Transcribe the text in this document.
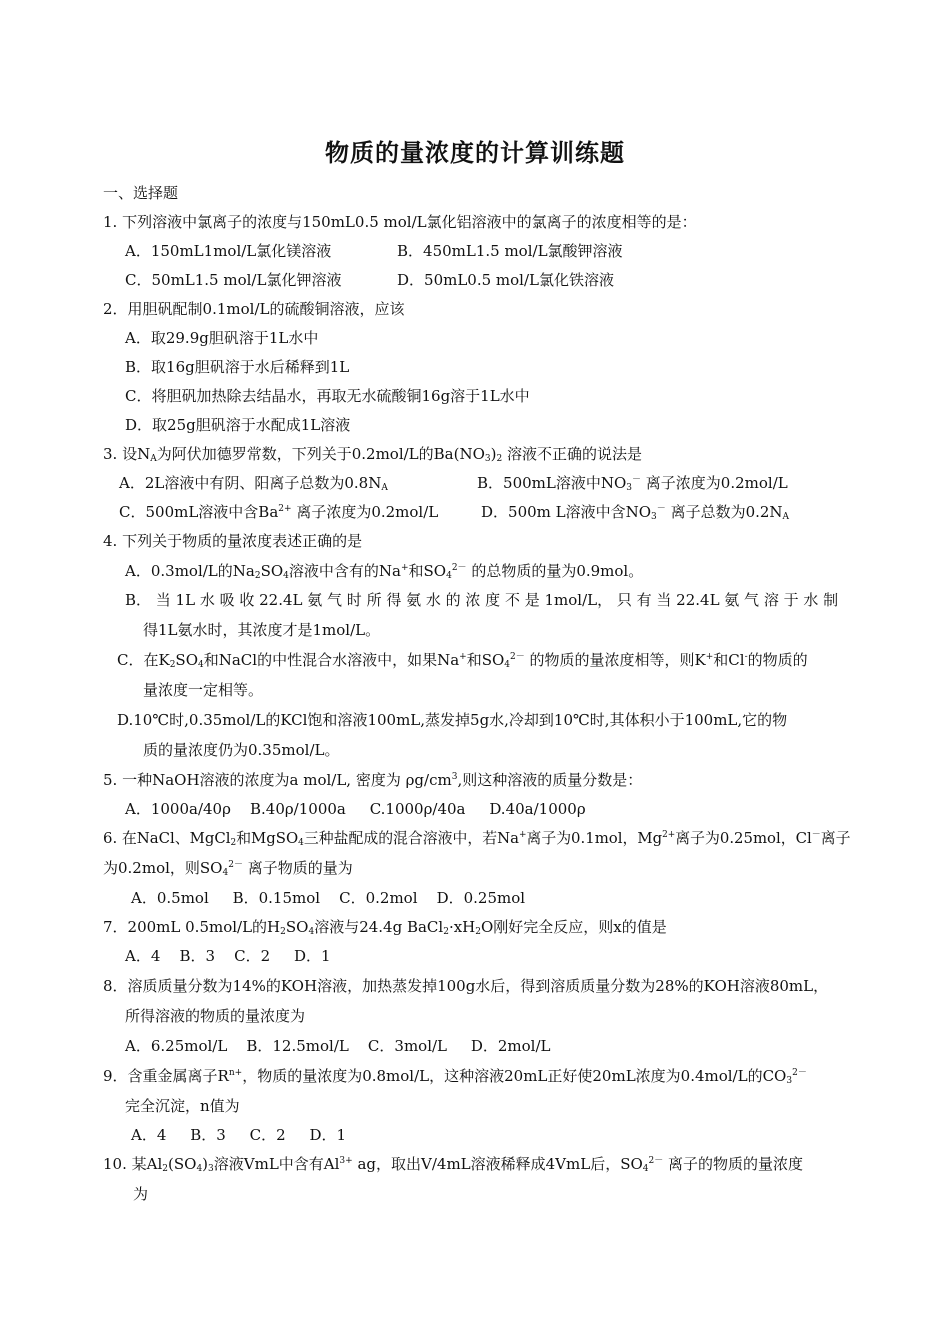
物质的量浓度的计算训练题
一、选择题
1. 下列溶液中氯离子的浓度与150mL0.5 mol/L氯化铝溶液中的氯离子的浓度相等的是：
A．150mL1mol/L氯化镁溶液	B．450mL1.5 mol/L氯酸钾溶液
C．50mL1.5 mol/L氯化钾溶液	D．50mL0.5 mol/L氯化铁溶液
2．用胆矾配制0.1mol/L的硫酸铜溶液，应该
A．取29.9g胆矾溶于1L水中
B．取16g胆矾溶于水后稀释到1L
C．将胆矾加热除去结晶水，再取无水硫酸铜16g溶于1L水中
D．取25g胆矾溶于水配成1L溶液
3. 设$N_A$为阿伏加德罗常数，下列关于0.2mol/L的$Ba(NO_3)_2$ 溶液不正确的说法是
A．2L溶液中有阴、阳离子总数为$0.8N_A$	B．500mL溶液中$NO_3^-$ 离子浓度为0.2mol/L
C．500mL溶液中含$Ba^{2+}$ 离子浓度为0.2mol/L	D．500m L溶液中含$NO_3^-$ 离子总数为$0.2N_A$
4. 下列关于物质的量浓度表述正确的是
A．0.3mol/L的$Na_2SO_4$溶液中含有的Na+和$SO_4^{2-}$ 的总物质的量为0.9mol。
B． 当 1L 水 吸 收 22.4L 氨 气 时 所 得 氨 水 的 浓 度 不 是 1mol/L， 只 有 当 22.4L 氨 气 溶 于 水 制
得1L氨水时，其浓度才是1mol/L。
C．在$K_2SO_4$和NaCl的中性混合水溶液中，如果Na+和$SO_4^{2-}$ 的物质的量浓度相等，则K+和Cl-的物质的
量浓度一定相等。
D.10℃时,0.35mol/L的KCl饱和溶液100mL,蒸发掉5g水,冷却到10℃时,其体积小于100mL,它的物
质的量浓度仍为0.35mol/L。
5. 一种NaOH溶液的浓度为a mol/L, 密度为 $\rho g/cm^3$,则这种溶液的质量分数是：
A．1000a/40ρ    B.40ρ/1000a     C.1000ρ/40a     D.40a/1000ρ
6. 在NaCl、MgCl$_2$和MgSO$_4$三种盐配成的混合溶液中，若Na+离子为0.1mol，$Mg^{2+}$离子为0.25mol，Cl－离子
为0.2mol，则$SO_4^{2-}$ 离子物质的量为
A．0.5mol     B．0.15mol    C．0.2mol    D．0.25mol
7．200mL 0.5mol/L的$H_2SO_4$溶液与24.4g $BaCl_2\cdot xH_2O$刚好完全反应，则x的值是
A．4    B．3    C．2     D．1
8．溶质质量分数为14%的KOH溶液，加热蒸发掉100g水后，得到溶质质量分数为28%的KOH溶液80mL，
所得溶液的物质的量浓度为
A．6.25mol/L    B．12.5mol/L    C．3mol/L     D．2mol/L
9．含重金属离子$R^{n+}$，物质的量浓度为0.8mol/L，这种溶液20mL正好使20mL浓度为0.4mol/L的$CO_3^{2-}$
完全沉淀，n值为
A．4     B．3     C．2     D．1
10. 某$Al_2(SO_4)_3$溶液VmL中含有$Al^{3+}$ ag，取出V/4mL溶液稀释成4VmL后，$SO_4^{2-}$ 离子的物质的量浓度
为
